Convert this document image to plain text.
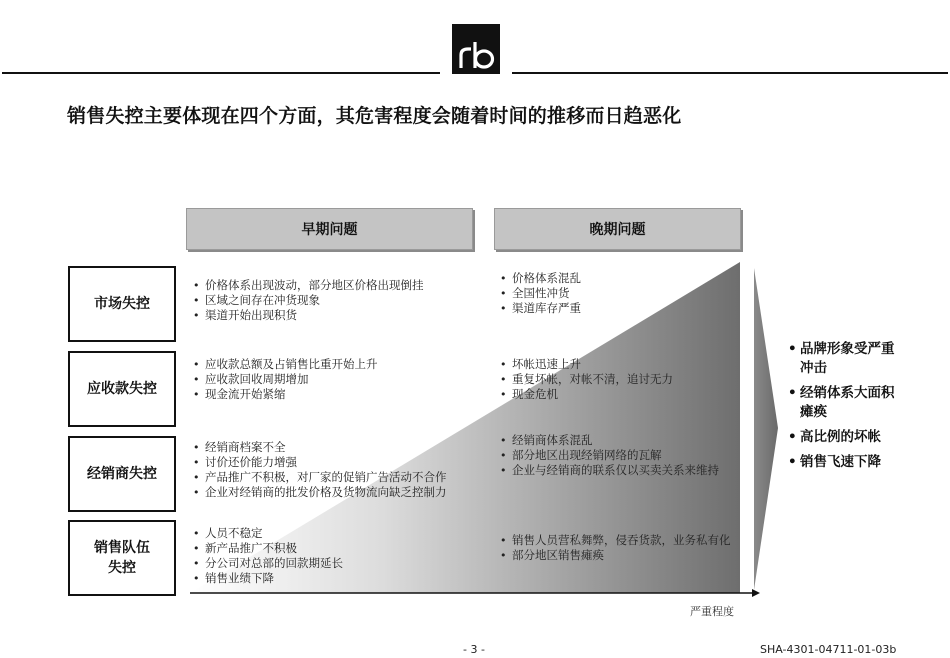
销售失控主要体现在四个方面，其危害程度会随着时间的推移而日趋恶化
早期问题	晚期问题
市场失控
应收款失控
经销商失控
销售队伍
失控
• 价格体系出现波动，部分地区价格出现倒挂
• 区域之间存在冲货现象
• 渠道开始出现积货
• 应收款总额及占销售比重开始上升
• 应收款回收周期增加
• 现金流开始紧缩
• 经销商档案不全
• 讨价还价能力增强
• 产品推广不积极，对厂家的促销广告活动不合作
• 企业对经销商的批发价格及货物流向缺乏控制力
• 人员不稳定
• 新产品推广不积极
• 分公司对总部的回款期延长
• 销售业绩下降
• 价格体系混乱
• 全国性冲货
• 渠道库存严重
• 坏帐迅速上升
• 重复坏帐，对帐不清，追讨无力
• 现金危机
• 经销商体系混乱
• 部分地区出现经销网络的瓦解
• 企业与经销商的联系仅以买卖关系来维持
• 销售人员营私舞弊，侵吞货款，业务私有化
• 部分地区销售瘫痪
• 品牌形象受严重冲击
• 经销体系大面积瘫痪
• 高比例的坏帐
• 销售飞速下降
严重程度
- 3 -	SHA-4301-04711-01-03b
